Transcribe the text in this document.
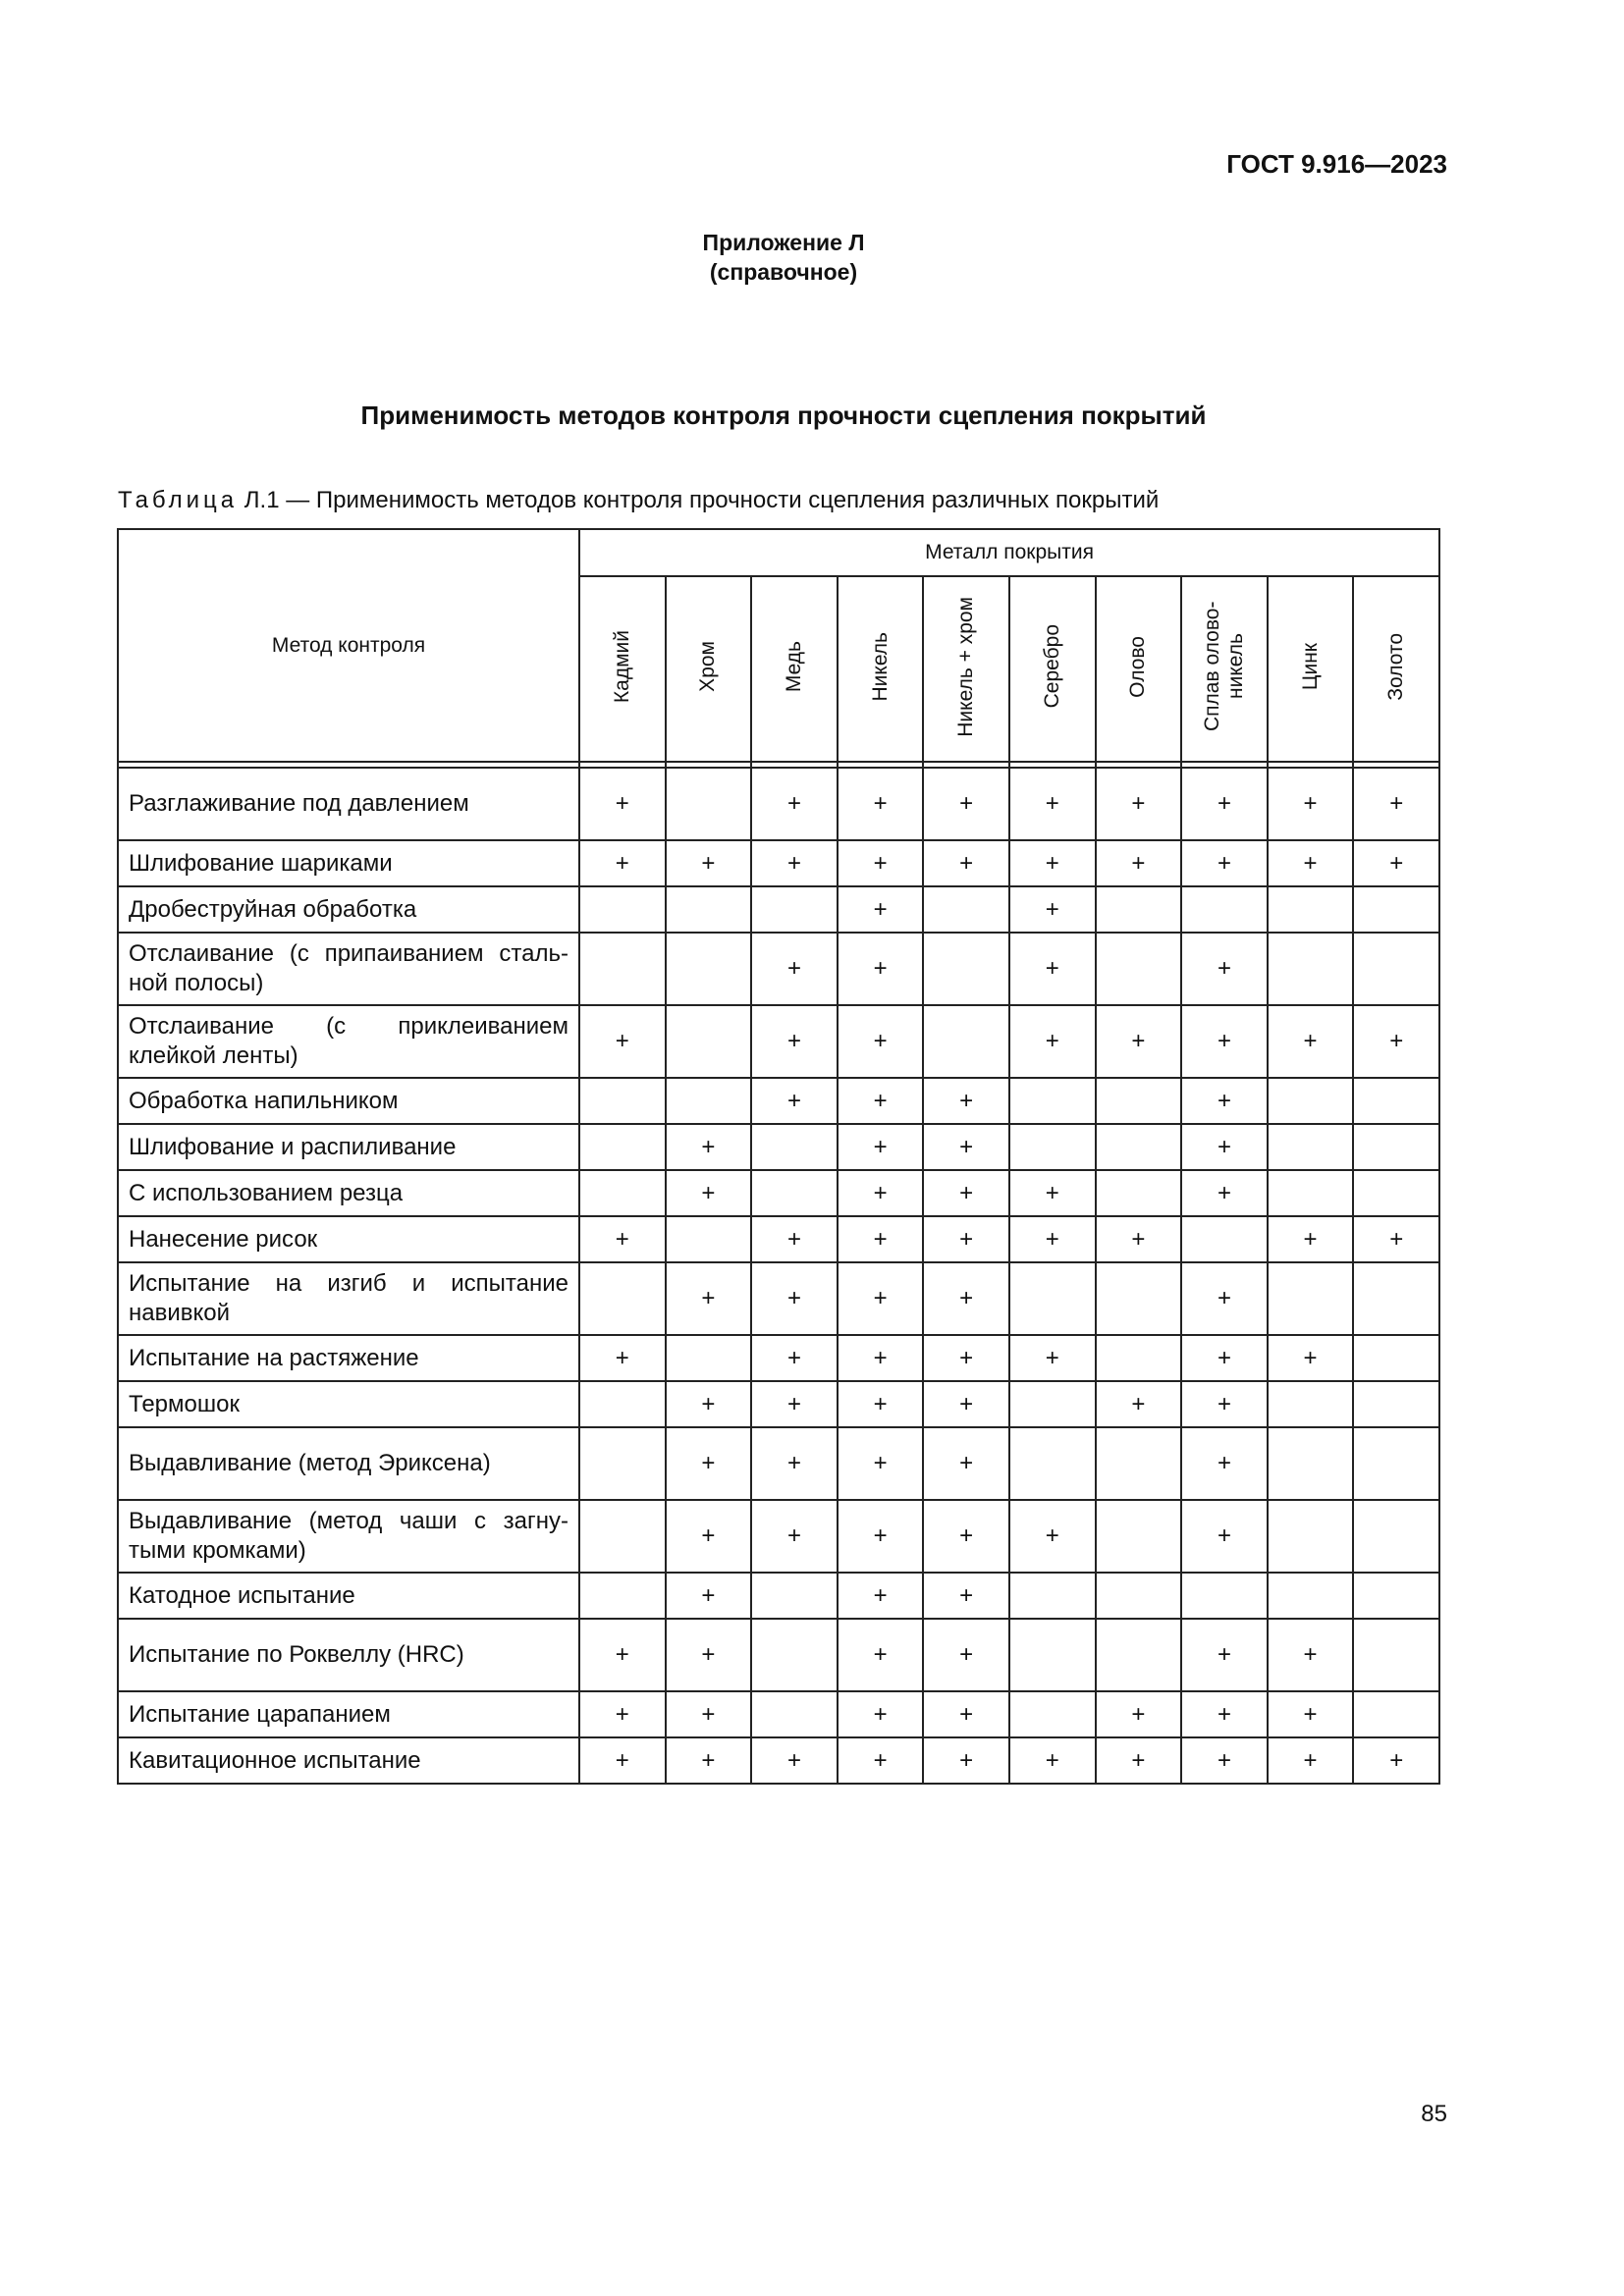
ГОСТ 9.916—2023
Приложение Л
(справочное)
Применимость методов контроля прочности сцепления покрытий
Таблица Л.1 — Применимость методов контроля прочности сцепления различных покрытий
Метод контроля	Металл покрытия									
	Кадмий	Хром	Медь	Никель	Никель + хром	Серебро	Олово	Сплав олово-никель	Цинк	Золото

Разглаживание под давлением	+		+	+	+	+	+	+	+	+
Шлифование шариками	+	+	+	+	+	+	+	+	+	+
Дробеструйная обработка				+		+				
Отслаивание (с припаиванием стальной полосы)			+	+		+		+		
Отслаивание (с приклеиванием клейкой ленты)	+		+	+		+	+	+	+	+
Обработка напильником			+	+	+			+		
Шлифование и распиливание		+		+	+			+		
С использованием резца		+		+	+	+		+		
Нанесение рисок	+		+	+	+	+	+		+	+
Испытание на изгиб и испытание навивкой		+	+	+	+			+		
Испытание на растяжение	+		+	+	+	+		+	+	
Термошок		+	+	+	+		+	+		
Выдавливание (метод Эриксена)		+	+	+	+			+		
Выдавливание (метод чаши с загнутыми кромками)		+	+	+	+	+		+		
Катодное испытание		+		+	+					
Испытание по Роквеллу (HRC)	+	+		+	+			+	+	
Испытание царапанием	+	+		+	+		+	+	+	
Кавитационное испытание	+	+	+	+	+	+	+	+	+	+
85
